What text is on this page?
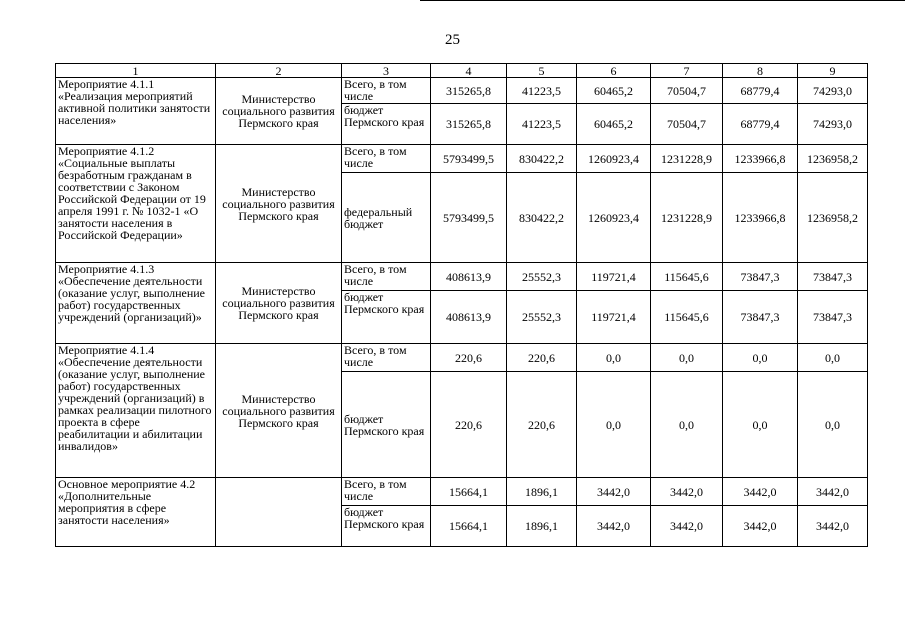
25
1	2	3	4	5	6	7	8	9
Мероприятие 4.1.1 «Реализация мероприятий активной политики занятости населения»	Министерство социального развития Пермского края	Всего, в том числе	315265,8	41223,5	60465,2	70504,7	68779,4	74293,0
		бюджет Пермского края	315265,8	41223,5	60465,2	70504,7	68779,4	74293,0
Мероприятие 4.1.2 «Социальные выплаты безработным гражданам в соответствии с Законом Российской Федерации от 19 апреля 1991 г. № 1032-1 «О занятости населения в Российской Федерации»	Министерство социального развития Пермского края	Всего, в том числе	5793499,5	830422,2	1260923,4	1231228,9	1233966,8	1236958,2
		федеральный бюджет	5793499,5	830422,2	1260923,4	1231228,9	1233966,8	1236958,2
Мероприятие 4.1.3 «Обеспечение деятельности (оказание услуг, выполнение работ) государственных учреждений (организаций)»	Министерство социального развития Пермского края	Всего, в том числе	408613,9	25552,3	119721,4	115645,6	73847,3	73847,3
		бюджет Пермского края	408613,9	25552,3	119721,4	115645,6	73847,3	73847,3
Мероприятие 4.1.4 «Обеспечение деятельности (оказание услуг, выполнение работ) государственных учреждений (организаций) в рамках реализации пилотного проекта в сфере реабилитации и абилитации инвалидов»	Министерство социального развития Пермского края	Всего, в том числе	220,6	220,6	0,0	0,0	0,0	0,0
		бюджет Пермского края	220,6	220,6	0,0	0,0	0,0	0,0
Основное мероприятие 4.2 «Дополнительные мероприятия в сфере занятости населения»		Всего, в том числе	15664,1	1896,1	3442,0	3442,0	3442,0	3442,0
		бюджет Пермского края	15664,1	1896,1	3442,0	3442,0	3442,0	3442,0
